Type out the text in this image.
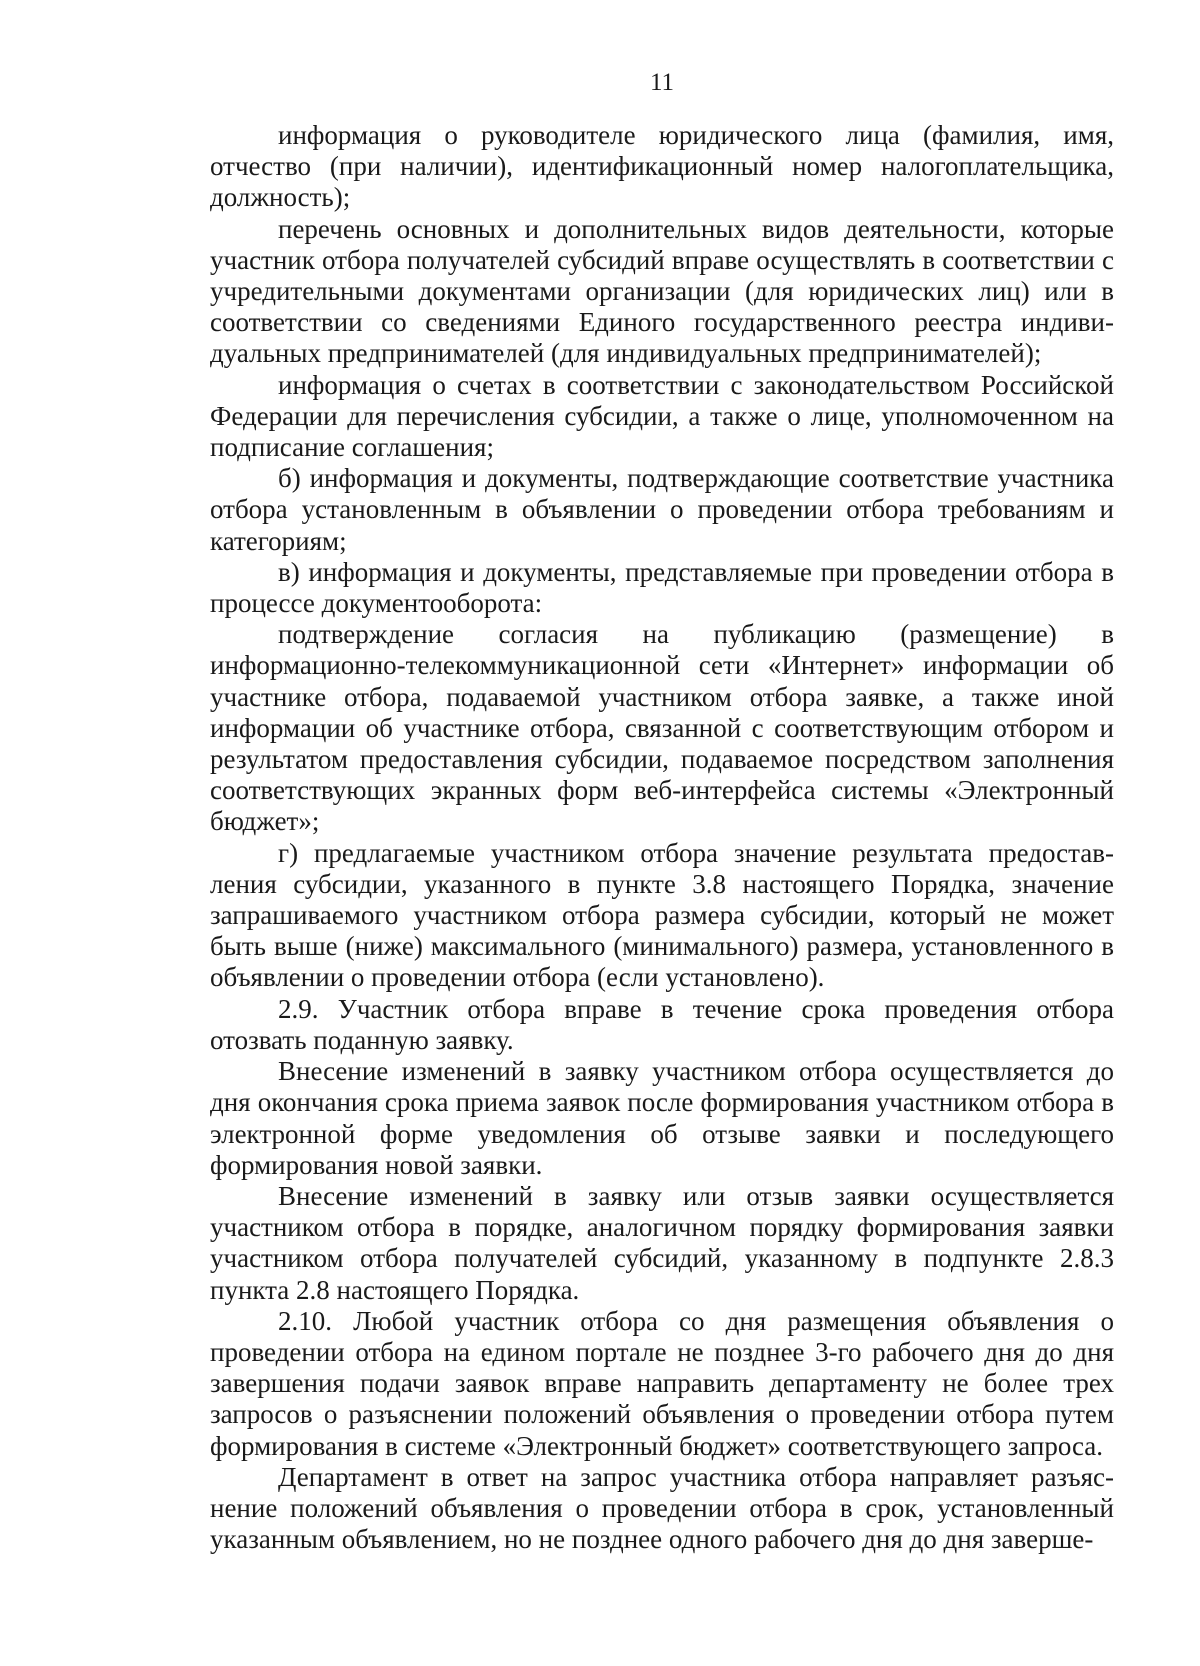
11

информация о руководителе юридического лица (фамилия, имя, отчество (при наличии), идентификационный номер налогоплательщика, должность);

перечень основных и дополнительных видов деятельности, которые участник отбора получателей субсидий вправе осуществлять в соответствии с учредительными документами организации (для юридических лиц) или в соответствии со сведениями Единого государственного реестра индивидуальных предпринимателей (для индивидуальных предпринимателей);

информация о счетах в соответствии с законодательством Российской Федерации для перечисления субсидии, а также о лице, уполномоченном на подписание соглашения;

б) информация и документы, подтверждающие соответствие участника отбора установленным в объявлении о проведении отбора требованиям и категориям;

в) информация и документы, представляемые при проведении отбора в процессе документооборота:

подтверждение согласия на публикацию (размещение) в информационно-телекоммуникационной сети «Интернет» информации об участнике отбора, подаваемой участником отбора заявке, а также иной информации об участнике отбора, связанной с соответствующим отбором и результатом предоставления субсидии, подаваемое посредством заполнения соответствующих экранных форм веб-интерфейса системы «Электронный бюджет»;

г) предлагаемые участником отбора значение результата предоставления субсидии, указанного в пункте 3.8 настоящего Порядка, значение запрашиваемого участником отбора размера субсидии, который не может быть выше (ниже) максимального (минимального) размера, установленного в объявлении о проведении отбора (если установлено).

2.9. Участник отбора вправе в течение срока проведения отбора отозвать поданную заявку.

Внесение изменений в заявку участником отбора осуществляется до дня окончания срока приема заявок после формирования участником отбора в электронной форме уведомления об отзыве заявки и последующего формирования новой заявки.

Внесение изменений в заявку или отзыв заявки осуществляется участником отбора в порядке, аналогичном порядку формирования заявки участником отбора получателей субсидий, указанному в подпункте 2.8.3 пункта 2.8 настоящего Порядка.

2.10. Любой участник отбора со дня размещения объявления о проведении отбора на едином портале не позднее 3-го рабочего дня до дня завершения подачи заявок вправе направить департаменту не более трех запросов о разъяснении положений объявления о проведении отбора путем формирования в системе «Электронный бюджет» соответствующего запроса.

Департамент в ответ на запрос участника отбора направляет разъяснение положений объявления о проведении отбора в срок, установленный указанным объявлением, но не позднее одного рабочего дня до дня заверше-
